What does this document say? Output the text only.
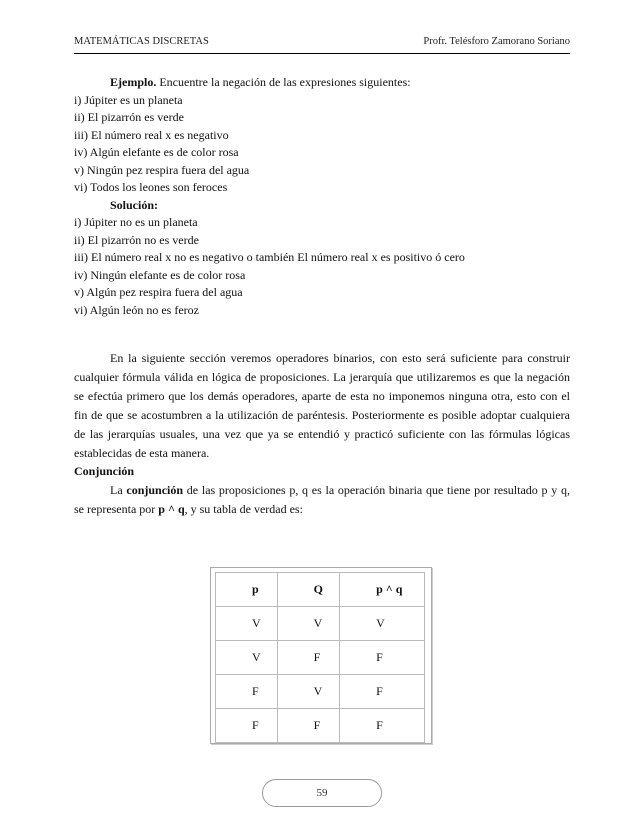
MATEMÁTICAS DISCRETAS	Profr. Telésforo Zamorano Soriano

Ejemplo. Encuentre la negación de las expresiones siguientes:

i) Júpiter es un planeta

ii) El pizarrón es verde

iii) El número real x es negativo

iv) Algún elefante es de color rosa

v) Ningún pez respira fuera del agua

vi) Todos los leones son feroces

Solución:

i) Júpiter no es un planeta

ii) El pizarrón no es verde

iii) El número real x no es negativo o también El número real x es positivo ó cero

iv) Ningún elefante es de color rosa

v) Algún pez respira fuera del agua

vi) Algún león no es feroz

En la siguiente sección veremos operadores binarios, con esto será suficiente para construir cualquier fórmula válida en lógica de proposiciones. La jerarquía que utilizaremos es que la negación se efectúa primero que los demás operadores, aparte de esta no imponemos ninguna otra, esto con el fin de que se acostumbren a la utilización de paréntesis. Posteriormente es posible adoptar cualquiera de las jerarquías usuales, una vez que ya se entendió y practicó suficiente con las fórmulas lógicas establecidas de esta manera.

Conjunción

La conjunción de las proposiciones p, q es la operación binaria que tiene por resultado p y q, se representa por p ^ q, y su tabla de verdad es:

p	Q	p ^ q
V	V	V
V	F	F
F	V	F
F	F	F
59
